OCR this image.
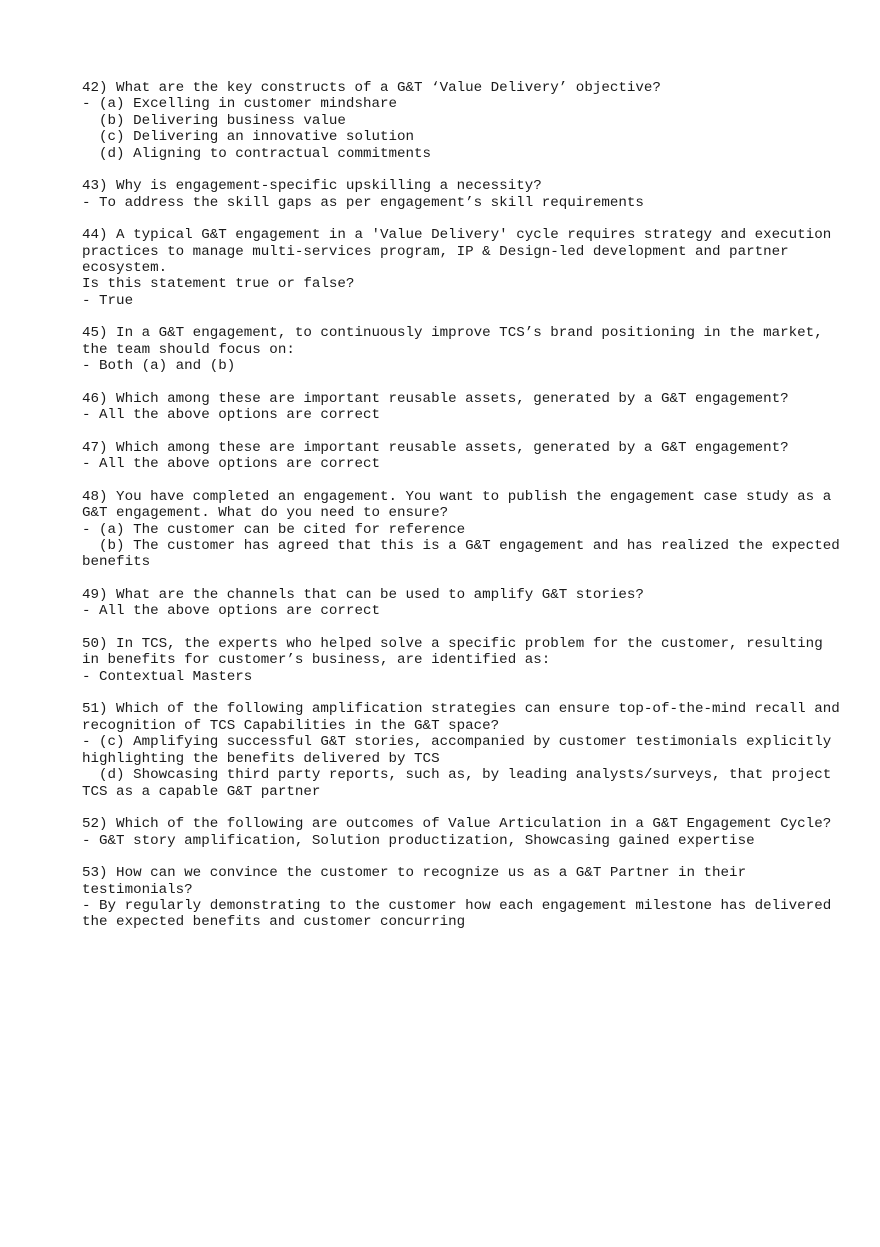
42) What are the key constructs of a G&T ‘Value Delivery’ objective?

- (a) Excelling in customer mindshare

(b) Delivering business value

(c) Delivering an innovative solution

(d) Aligning to contractual commitments

43) Why is engagement-specific upskilling a necessity?

- To address the skill gaps as per engagement’s skill requirements

44) A typical G&T engagement in a 'Value Delivery' cycle requires strategy and execution practices to manage multi-services program, IP & Design-led development and partner ecosystem.
Is this statement true or false?

- True

45) In a G&T engagement, to continuously improve TCS’s brand positioning in the market, the team should focus on:

- Both (a) and (b)

46) Which among these are important reusable assets, generated by a G&T engagement?

- All the above options are correct

47) Which among these are important reusable assets, generated by a G&T engagement?

- All the above options are correct

48) You have completed an engagement. You want to publish the engagement case study as a G&T engagement. What do you need to ensure?

- (a) The customer can be cited for reference

(b) The customer has agreed that this is a G&T engagement and has realized the expected benefits

49) What are the channels that can be used to amplify G&T stories?

- All the above options are correct

50) In TCS, the experts who helped solve a specific problem for the customer, resulting in benefits for customer’s business, are identified as:

- Contextual Masters

51) Which of the following amplification strategies can ensure top-of-the-mind recall and recognition of TCS Capabilities in the G&T space?

- (c) Amplifying successful G&T stories, accompanied by customer testimonials explicitly highlighting the benefits delivered by TCS

(d) Showcasing third party reports, such as, by leading analysts/surveys, that project TCS as a capable G&T partner

52) Which of the following are outcomes of Value Articulation in a G&T Engagement Cycle?

- G&T story amplification, Solution productization, Showcasing gained expertise

53) How can we convince the customer to recognize us as a G&T Partner in their testimonials?

- By regularly demonstrating to the customer how each engagement milestone has delivered the expected benefits and customer concurring
